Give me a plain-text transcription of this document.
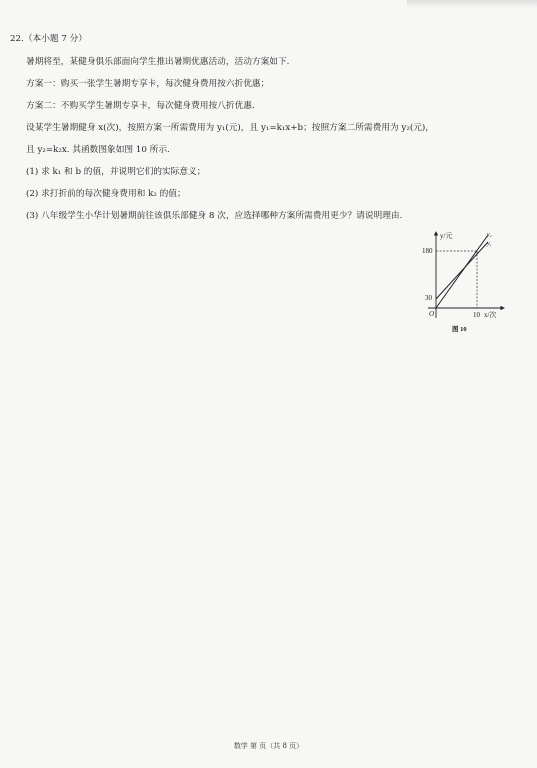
22.（本小题 7 分）
暑期将至，某健身俱乐部面向学生推出暑期优惠活动，活动方案如下.
方案一：购买一张学生暑期专享卡，每次健身费用按六折优惠；
方案二：不购买学生暑期专享卡，每次健身费用按八折优惠.
设某学生暑期健身 x(次)，按照方案一所需费用为 y₁(元)，且 y₁=k₁x+b；按照方案二所需费用为 y₂(元)，
且 y₂=k₂x. 其函数图象如图 10 所示.
(1) 求 k₁ 和 b 的值，并说明它们的实际意义；
(2) 求打折前的每次健身费用和 k₂ 的值；
(3) 八年级学生小华计划暑期前往该俱乐部健身 8 次，应选择哪种方案所需费用更少？请说明理由.
y/元
180
30
O	10 x/次
y₂
y₁
图 10
数学 第 页（共 8 页）
